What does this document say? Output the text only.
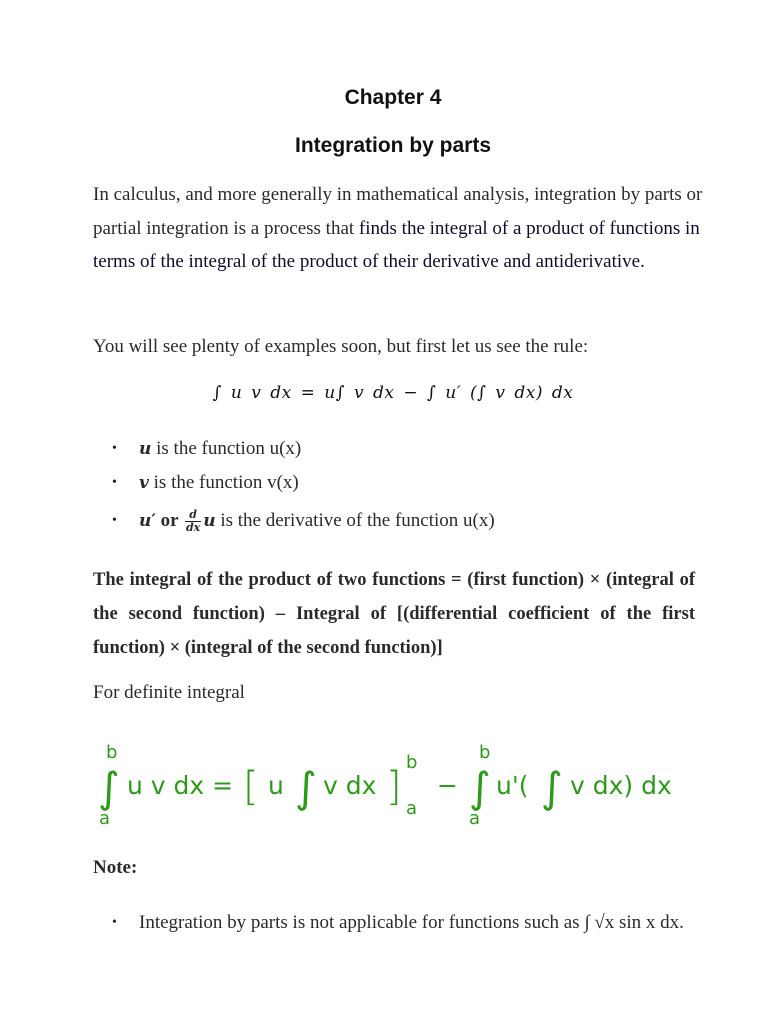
Chapter 4
Integration by parts
In calculus, and more generally in mathematical analysis, integration by parts or partial integration is a process that finds the integral of a product of functions in terms of the integral of the product of their derivative and antiderivative.
You will see plenty of examples soon, but first let us see the rule:
∫ u v dx = u∫ v dx − ∫ u′ (∫ v dx) dx
• u is the function u(x)
• v is the function v(x)
• u′ or $\frac{d}{dx}$ u is the derivative of the function u(x)
The integral of the product of two functions = (first function) × (integral of the second function) – Integral of [(differential coefficient of the first function) × (integral of the second function)]
For definite integral
b
∫
a
u v dx = [ u ∫ v dx ]
b
a
−
b
∫
a
u'( ∫ v dx) dx
Note:
• Integration by parts is not applicable for functions such as ∫ √x sin x dx.
